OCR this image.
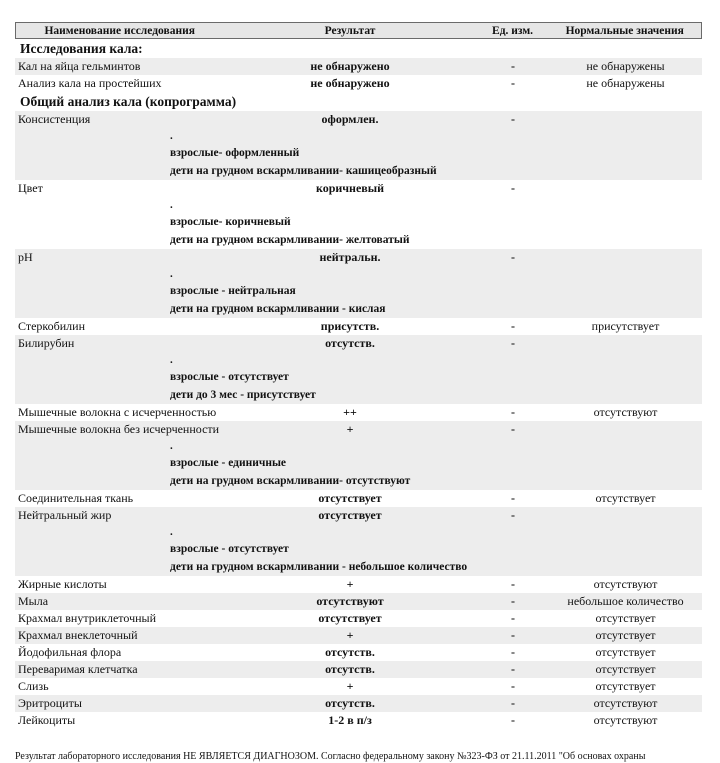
Наименование исследования	Результат	Ед. изм.	Нормальные значения
Исследования кала:
Кал на яйца гельминтов	не обнаружено	-	не обнаружены
Анализ кала на простейших	не обнаружено	-	не обнаружены
Общий анализ кала (копрограмма)
Консистенция	оформлен.	-
.
взрослые- оформленный
дети на грудном вскармливании- кашицеобразный
Цвет	коричневый	-
.
взрослые- коричневый
дети на грудном вскармливании- желтоватый
pH	нейтральн.	-
.
взрослые - нейтральная
дети на грудном вскармливании - кислая
Стеркобилин	присутств.	-	присутствует
Билирубин	отсутств.	-
.
взрослые - отсутствует
дети до 3 мес - присутствует
Мышечные волокна с исчерченностью	++	-	отсутствуют
Мышечные волокна без исчерченности	+	-
.
взрослые - единичные
дети на грудном вскармливании- отсутствуют
Соединительная ткань	отсутствует	-	отсутствует
Нейтральный жир	отсутствует	-
.
взрослые - отсутствует
дети на грудном вскармливании - небольшое количество
Жирные кислоты	+	-	отсутствуют
Мыла	отсутствуют	-	небольшое количество
Крахмал внутриклеточный	отсутствует	-	отсутствует
Крахмал внеклеточный	+	-	отсутствует
Йодофильная флора	отсутств.	-	отсутствует
Переваримая клетчатка	отсутств.	-	отсутствует
Слизь	+	-	отсутствует
Эритроциты	отсутств.	-	отсутствуют
Лейкоциты	1-2 в п/з	-	отсутствуют
Результат лабораторного исследования НЕ ЯВЛЯЕТСЯ ДИАГНОЗОМ. Согласно федеральному закону №323-ФЗ от 21.11.2011 "Об основах охраны
